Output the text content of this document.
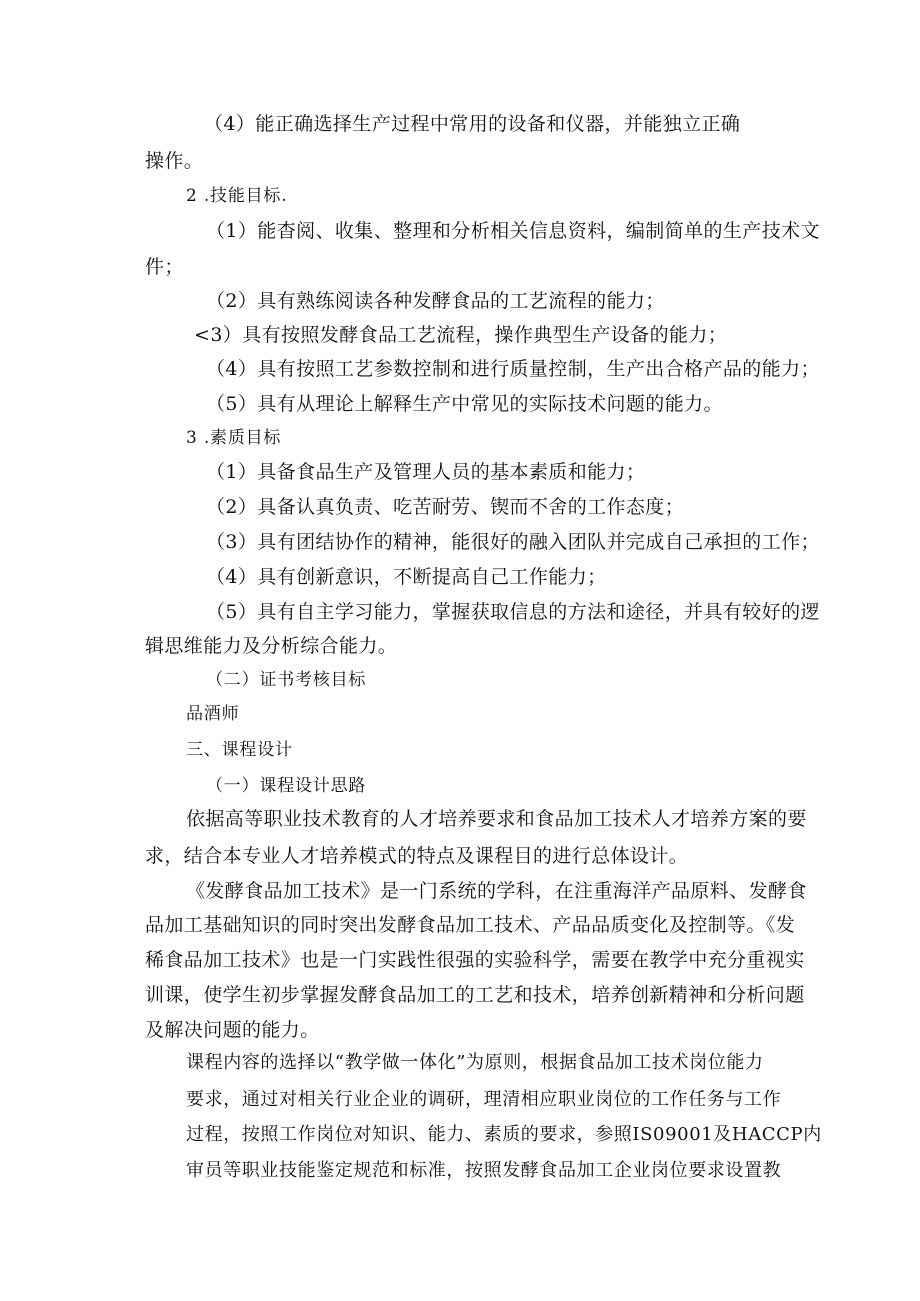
（4）能正确选择生产过程中常用的设备和仪器，并能独立正确
操作。
2 .技能目标.
（1）能杳阅、收集、整理和分析相关信息资料，编制简单的生产技术文
件；
（2）具有熟练阅读各种发酵食品的工艺流程的能力；
<3）具有按照发酵食品工艺流程，操作典型生产设备的能力；
（4）具有按照工艺参数控制和进行质量控制，生产出合格产品的能力；
（5）具有从理论上解释生产中常见的实际技术问题的能力。
3 .素质目标
（1）具备食品生产及管理人员的基本素质和能力；
（2）具备认真负责、吃苦耐劳、锲而不舍的工作态度；
（3）具有团结协作的精神，能很好的融入团队并完成自己承担的工作；
（4）具有创新意识，不断提高自己工作能力；
（5）具有自主学习能力，掌握获取信息的方法和途径，并具有较好的逻
辑思维能力及分析综合能力。
（二）证书考核目标
品酒师
三、课程设计
（一）课程设计思路
依据高等职业技术教育的人才培养要求和食品加工技术人才培养方案的要
求，结合本专业人才培养模式的特点及课程目的进行总体设计。
《发酵食品加工技术》是一门系统的学科，在注重海洋产品原料、发酵食
品加工基础知识的同时突出发酵食品加工技术、产品品质变化及控制等。《发
稀食品加工技术》也是一门实践性很强的实验科学，需要在教学中充分重视实
训课，使学生初步掌握发酵食品加工的工艺和技术，培养创新精神和分析问题
及解决问题的能力。
课程内容的选择以“教学做一体化”为原则，根据食品加工技术岗位能力
要求，通过对相关行业企业的调研，理清相应职业岗位的工作任务与工作
过程，按照工作岗位对知识、能力、素质的要求，参照IS09001及HACCP内
审员等职业技能鉴定规范和标准，按照发酵食品加工企业岗位要求设置教
